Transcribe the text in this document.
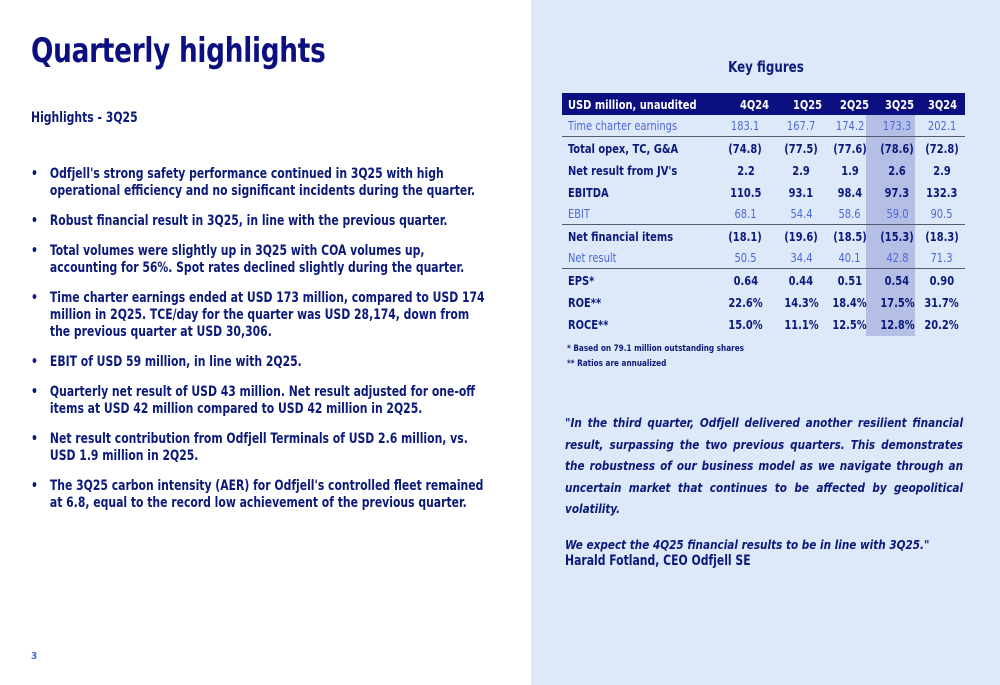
Quarterly highlights
Highlights - 3Q25
• Odfjell's strong safety performance continued in 3Q25 with high operational efficiency and no significant incidents during the quarter.
• Robust financial result in 3Q25, in line with the previous quarter.
• Total volumes were slightly up in 3Q25 with COA volumes up, accounting for 56%. Spot rates declined slightly during the quarter.
• Time charter earnings ended at USD 173 million, compared to USD 174 million in 2Q25. TCE/day for the quarter was USD 28,174, down from the previous quarter at USD 30,306.
• EBIT of USD 59 million, in line with 2Q25.
• Quarterly net result of USD 43 million. Net result adjusted for one-off items at USD 42 million compared to USD 42 million in 2Q25.
• Net result contribution from Odfjell Terminals of USD 2.6 million, vs. USD 1.9 million in 2Q25.
• The 3Q25 carbon intensity (AER) for Odfjell's controlled fleet remained at 6.8, equal to the record low achievement of the previous quarter.
3
Key figures
USD million, unaudited	4Q24	1Q25	2Q25	3Q25	3Q24
Time charter earnings	183.1	167.7	174.2	173.3	202.1
Total opex, TC, G&A	(74.8)	(77.5)	(77.6)	(78.6) (72.8)
Net result from JV's	2.2	2.9	1.9	2.6	2.9
EBITDA	110.5	93.1	98.4	97.3	132.3
EBIT	68.1	54.4	58.6	59.0	90.5
Net financial items	(18.1)	(19.6)	(18.5)	(15.3) (18.3)
Net result	50.5	34.4	40.1	42.8	71.3
EPS*	0.64	0.44	0.51	0.54	0.90
ROE**	22.6%	14.3%	18.4%	17.5% 31.7%
ROCE**	15.0%	11.1%	12.5%	12.8% 20.2%
* Based on 79.1 million outstanding shares
** Ratios are annualized

"In the third quarter, Odfjell delivered another resilient financial result, surpassing the two previous quarters. This demonstrates the robustness of our business model as we navigate through an uncertain market that continues to be affected by geopolitical volatility.

We expect the 4Q25 financial results to be in line with 3Q25."

Harald Fotland, CEO Odfjell SE
